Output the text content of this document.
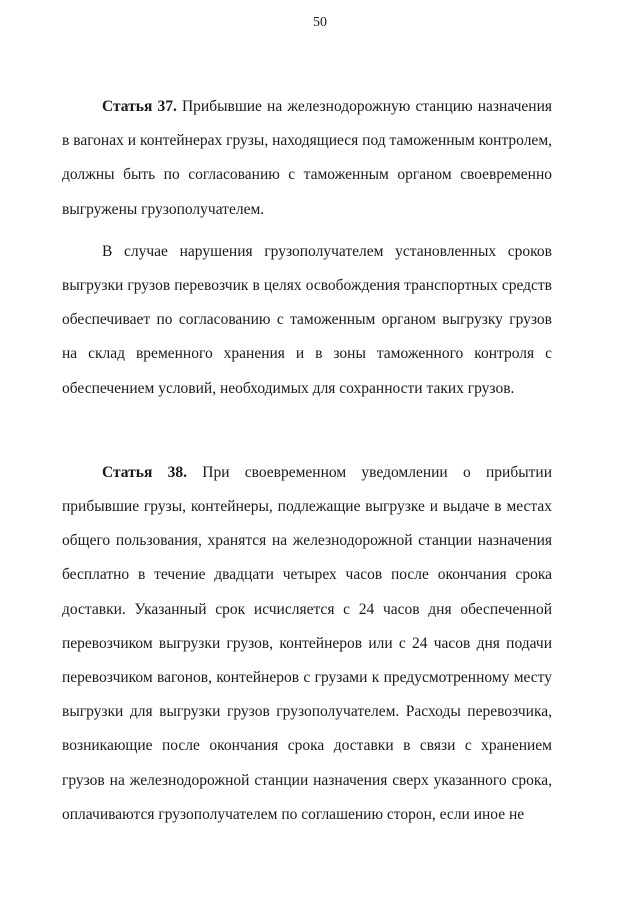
50

Статья 37. Прибывшие на железнодорожную станцию назначения в вагонах и контейнерах грузы, находящиеся под таможенным контролем, должны быть по согласованию с таможенным органом своевременно выгружены грузополучателем.

В случае нарушения грузополучателем установленных сроков выгрузки грузов перевозчик в целях освобождения транспортных средств обеспечивает по согласованию с таможенным органом выгрузку грузов на склад временного хранения и в зоны таможенного контроля с обеспечением условий, необходимых для сохранности таких грузов.

Статья 38. При своевременном уведомлении о прибытии прибывшие грузы, контейнеры, подлежащие выгрузке и выдаче в местах общего пользования, хранятся на железнодорожной станции назначения бесплатно в течение двадцати четырех часов после окончания срока доставки. Указанный срок исчисляется с 24 часов дня обеспеченной перевозчиком выгрузки грузов, контейнеров или с 24 часов дня подачи перевозчиком вагонов, контейнеров с грузами к предусмотренному месту выгрузки для выгрузки грузов грузополучателем. Расходы перевозчика, возникающие после окончания срока доставки в связи с хранением грузов на железнодорожной станции назначения сверх указанного срока, оплачиваются грузополучателем по соглашению сторон, если иное не
